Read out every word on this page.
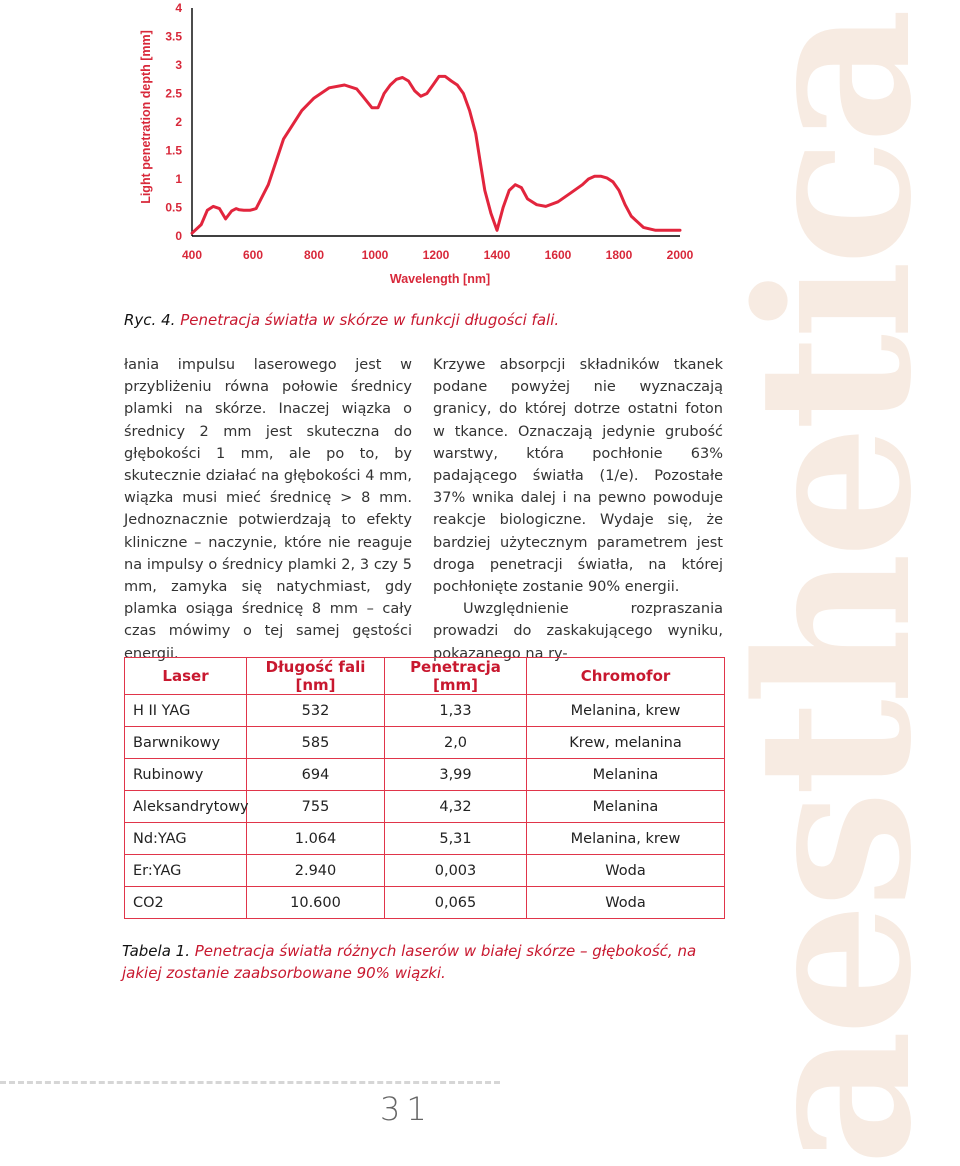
aesthetica
0
0.5
1
1.5
2
2.5
3
3.5
4
400	600	800	1000	1200	1400	1600	1800	2000
Wavelength [nm]
Light penetration depth [mm]
Ryc. 4. Penetracja światła w skórze w funkcji długości fali.

łania impulsu laserowego jest w przybliżeniu równa połowie średnicy plamki na skórze. Inaczej wiązka o średnicy 2 mm jest skuteczna do głębokości 1 mm, ale po to, by skutecznie działać na głębokości 4 mm, wiązka musi mieć średnicę > 8 mm. Jednoznacznie potwierdzają to efekty kliniczne – naczynie, które nie reaguje na impulsy o średnicy plamki 2, 3 czy 5 mm, zamyka się natychmiast, gdy plamka osiąga średnicę 8 mm – cały czas mówimy o tej samej gęstości energii.

Krzywe absorpcji składników tkanek podane powyżej nie wyznaczają granicy, do której dotrze ostatni foton w tkance. Oznaczają jedynie grubość warstwy, która pochłonie 63% padającego światła (1/e). Pozostałe 37% wnika dalej i na pewno powoduje reakcje biologiczne. Wydaje się, że bardziej użytecznym parametrem jest droga penetracji światła, na której pochłonięte zostanie 90% energii.

Uwzględnienie rozpraszania prowadzi do zaskakującego wyniku, pokazanego na ry-

Laser	Długość fali [nm]	Penetracja [mm]	Chromofor
H II YAG	532	1,33	Melanina, krew
Barwnikowy	585	2,0	Krew, melanina
Rubinowy	694	3,99	Melanina
Aleksandrytowy	755	4,32	Melanina
Nd:YAG	1.064	5,31	Melanina, krew
Er:YAG	2.940	0,003	Woda
CO2	10.600	0,065	Woda
Tabela 1. Penetracja światła różnych laserów w białej skórze – głębokość, na jakiej zostanie zaabsorbowane 90% wiązki.
31
